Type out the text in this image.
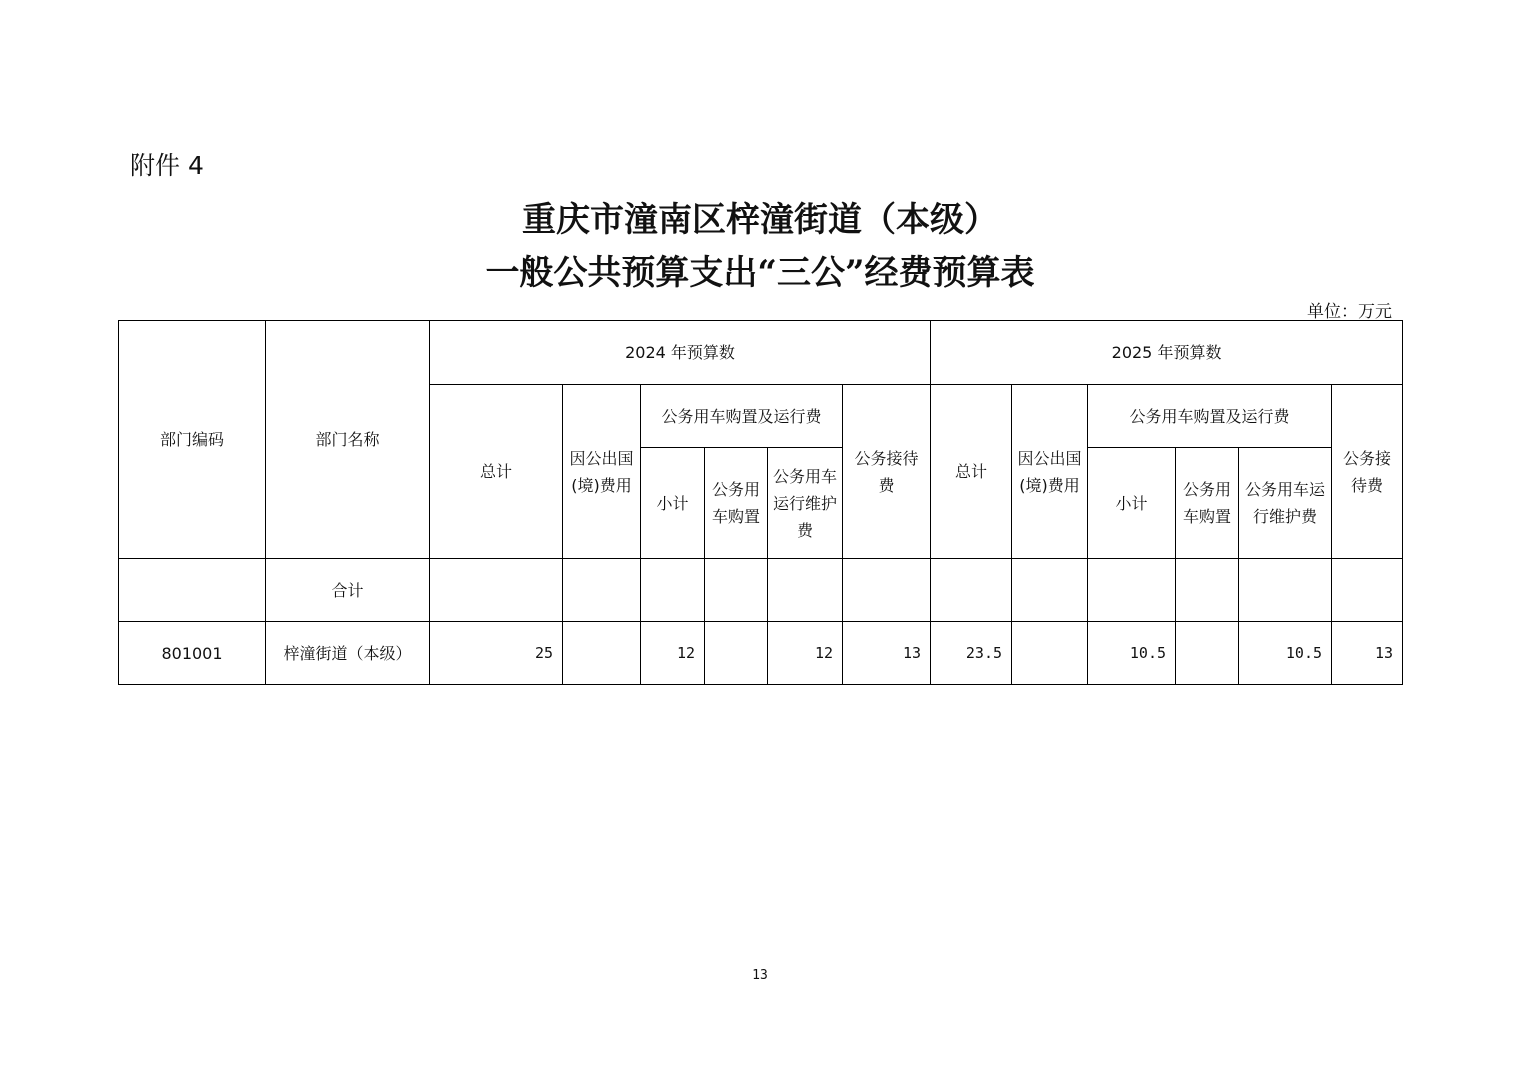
附件 4
重庆市潼南区梓潼街道（本级）
一般公共预算支出“三公”经费预算表
单位：万元
部门编码	部门名称	2024 年预算数						2025 年预算数					
		总计	因公出国(境)费用	公务用车购置及运行费			公务接待费	总计	因公出国(境)费用	公务用车购置及运行费			公务接待费
				小计	公务用车购置	公务用车运行维护费				小计	公务用车购置	公务用车运行维护费	
	合计												
801001	梓潼街道（本级）	25		12		12	13	23.5		10.5		10.5	13
13
